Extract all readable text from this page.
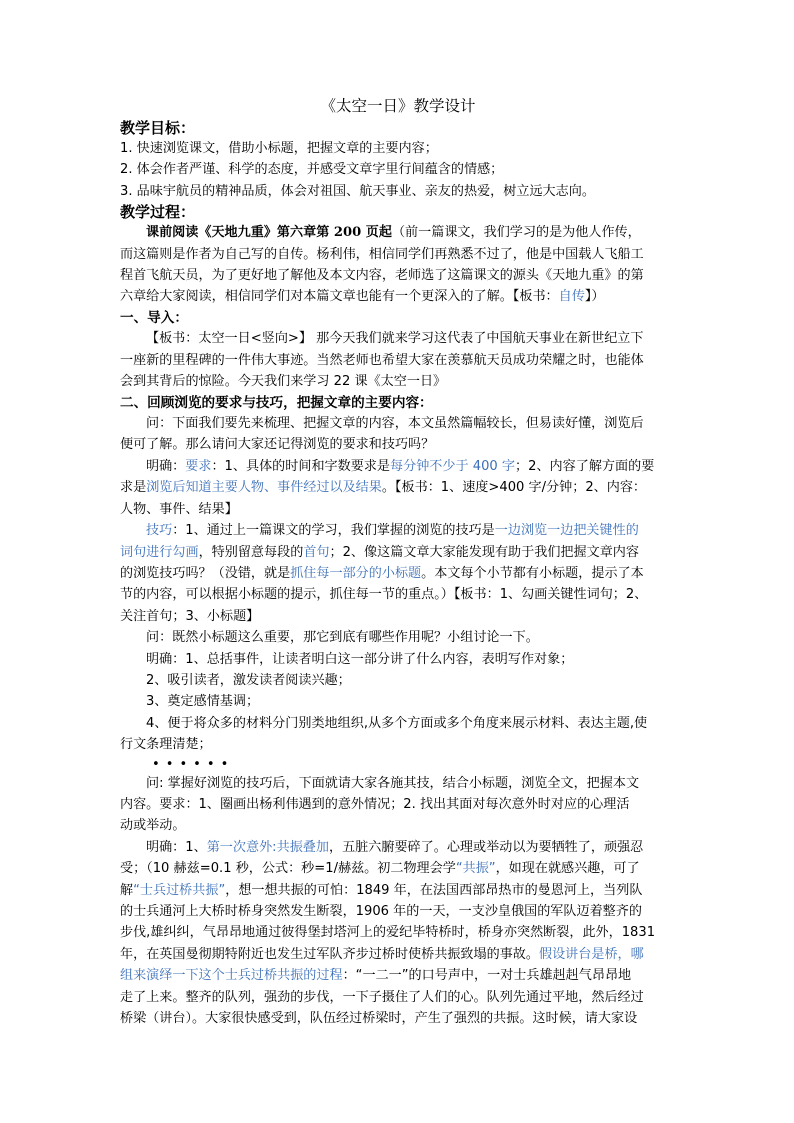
《太空一日》教学设计
教学目标：
1. 快速浏览课文，借助小标题，把握文章的主要内容；
2. 体会作者严谨、科学的态度，并感受文章字里行间蕴含的情感；
3. 品味宇航员的精神品质，体会对祖国、航天事业、亲友的热爱，树立远大志向。
教学过程：
课前阅读《天地九重》第六章第 200 页起（前一篇课文，我们学习的是为他人作传，
而这篇则是作者为自己写的自传。杨利伟，相信同学们再熟悉不过了，他是中国载人飞船工
程首飞航天员，为了更好地了解他及本文内容，老师选了这篇课文的源头《天地九重》的第
六章给大家阅读，相信同学们对本篇文章也能有一个更深入的了解。【板书：自传】）
一、导入：
【板书：太空一日<竖向>】 那今天我们就来学习这代表了中国航天事业在新世纪立下
一座新的里程碑的一件伟大事迹。当然老师也希望大家在羡慕航天员成功荣耀之时，也能体
会到其背后的惊险。今天我们来学习 22 课《太空一日》
二、回顾浏览的要求与技巧，把握文章的主要内容：
问：下面我们要先来梳理、把握文章的内容，本文虽然篇幅较长，但易读好懂，浏览后
便可了解。那么请问大家还记得浏览的要求和技巧吗？
明确：要求：1、具体的时间和字数要求是每分钟不少于 400 字；2、内容了解方面的要
求是浏览后知道主要人物、事件经过以及结果。【板书：1、速度>400 字/分钟；2、内容：
人物、事件、结果】
技巧：1、通过上一篇课文的学习，我们掌握的浏览的技巧是一边浏览一边把关键性的
词句进行勾画，特别留意每段的首句；2、像这篇文章大家能发现有助于我们把握文章内容
的浏览技巧吗？（没错，就是抓住每一部分的小标题。本文每个小节都有小标题，提示了本
节的内容，可以根据小标题的提示，抓住每一节的重点。）【板书：1、勾画关键性词句；2、
关注首句；3、小标题】
问：既然小标题这么重要，那它到底有哪些作用呢？小组讨论一下。
明确：1、总括事件，让读者明白这一部分讲了什么内容，表明写作对象；
2、吸引读者，激发读者阅读兴趣；
3、奠定感情基调；
4、便于将众多的材料分门别类地组织,从多个方面或多个角度来展示材料、表达主题,使
行文条理清楚；
••••••
问: 掌握好浏览的技巧后，下面就请大家各施其技，结合小标题，浏览全文，把握本文
内容。要求：1、圈画出杨利伟遇到的意外情况；2. 找出其面对每次意外时对应的心理活
动或举动。
明确：1、第一次意外:共振叠加，五脏六腑要碎了。心理或举动以为要牺牲了，顽强忍
受；（10 赫兹=0.1 秒，公式：秒=1/赫兹。初二物理会学“共振”，如现在就感兴趣，可了
解“士兵过桥共振”，想一想共振的可怕：1849 年，在法国西部昂热市的曼恩河上，当列队
的士兵通河上大桥时桥身突然发生断裂，1906 年的一天，一支沙皇俄国的军队迈着整齐的
步伐,雄纠纠，气昂昂地通过彼得堡封塔河上的爱纪毕特桥时，桥身亦突然断裂，此外，1831
年，在英国曼彻期特附近也发生过军队齐步过桥时使桥共振致塌的事故。假设讲台是桥，哪
组来演绎一下这个士兵过桥共振的过程：“一二一”的口号声中，一对士兵雄赳赳气昂昂地
走了上来。整齐的队列，强劲的步伐，一下子摄住了人们的心。队列先通过平地，然后经过
桥梁（讲台）。大家很快感受到，队伍经过桥梁时，产生了强烈的共振。这时候，请大家设
